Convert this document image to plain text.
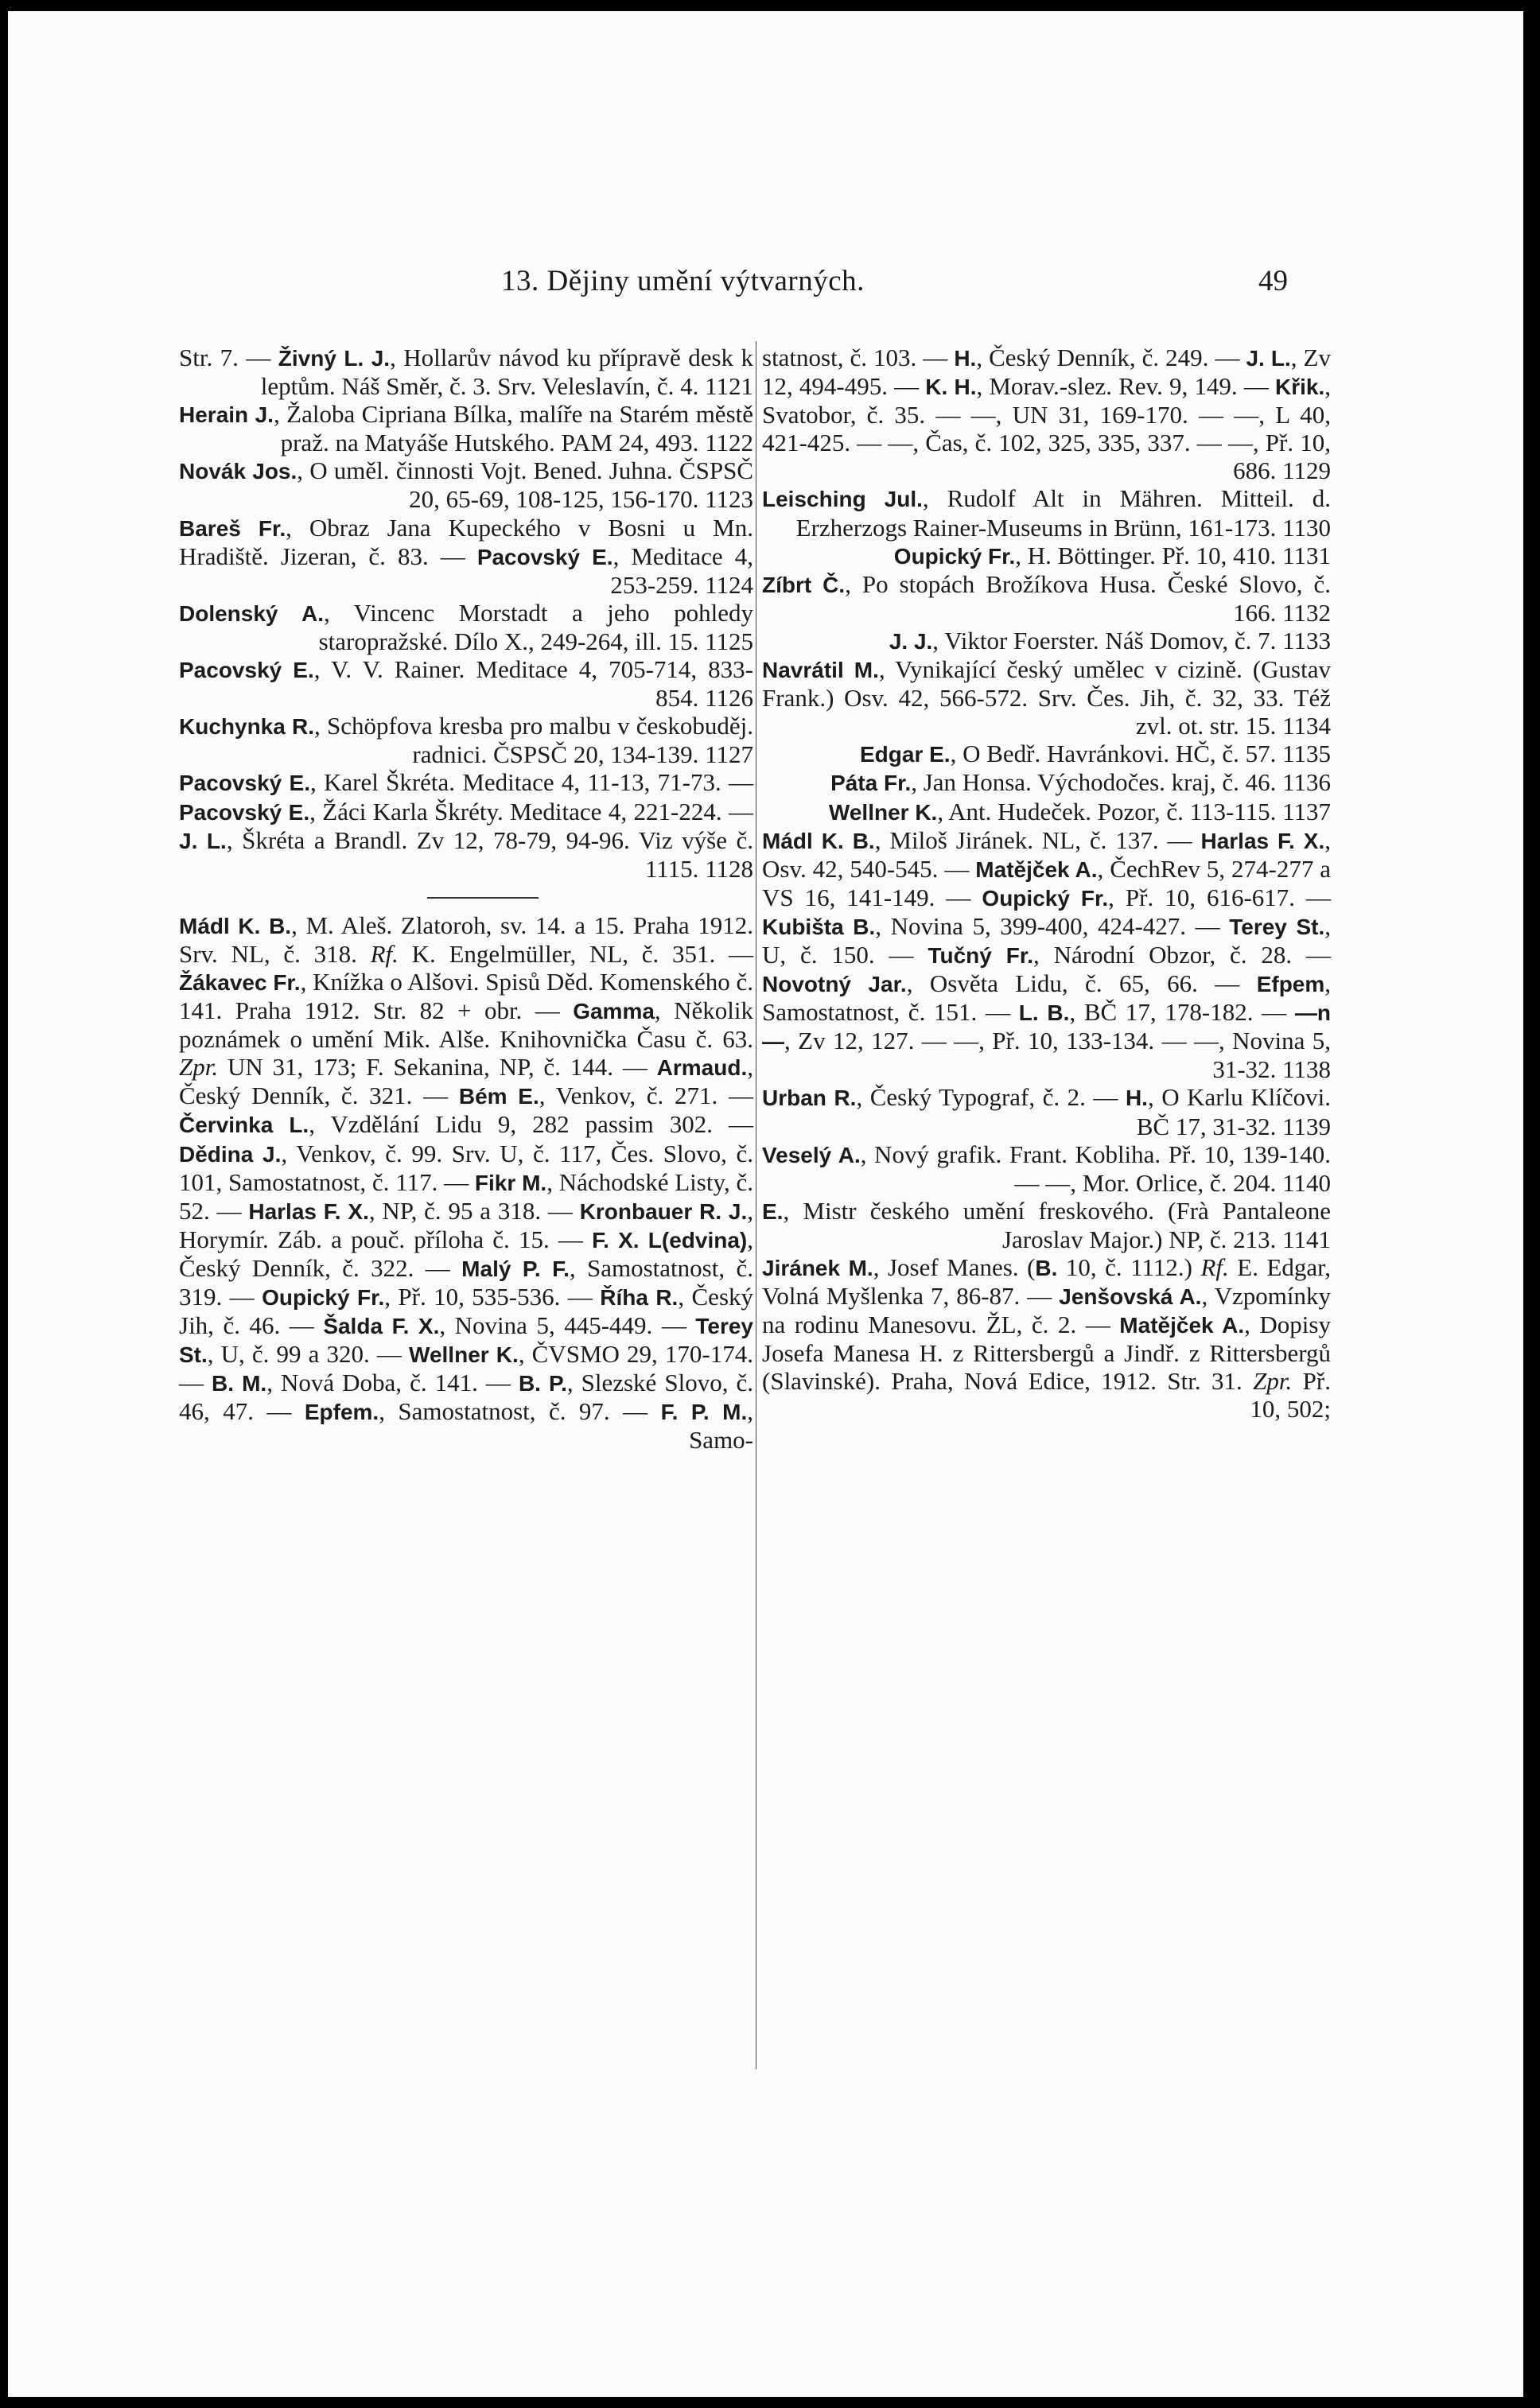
13. Dějiny umění výtvarných.	49
Str. 7. — Živný L. J., Hollarův návod ku přípravě desk k leptům. Náš Směr, č. 3. Srv. Veleslavín, č. 4. 1121
Herain J., Žaloba Cipriana Bílka, malíře na Starém městě praž. na Matyáše Hutského. PAM 24, 493. 1122
Novák Jos., O uměl. činnosti Vojt. Bened. Juhna. ČSPSČ 20, 65-69, 108-125, 156-170. 1123
Bareš Fr., Obraz Jana Kupeckého v Bosni u Mn. Hradiště. Jizeran, č. 83. — Pacovský E., Meditace 4, 253-259. 1124
Dolenský A., Vincenc Morstadt a jeho pohledy staropražské. Dílo X., 249-264, ill. 15. 1125
Pacovský E., V. V. Rainer. Meditace 4, 705-714, 833-854. 1126
Kuchynka R., Schöpfova kresba pro malbu v českobuděj. radnici. ČSPSČ 20, 134-139. 1127
Pacovský E., Karel Škréta. Meditace 4, 11-13, 71-73. — Pacovský E., Žáci Karla Škréty. Meditace 4, 221-224. — J. L., Škréta a Brandl. Zv 12, 78-79, 94-96. Viz výše č. 1115. 1128
Mádl K. B., M. Aleš. Zlatoroh, sv. 14. a 15. Praha 1912. Srv. NL, č. 318. Rf. K. Engelmüller, NL, č. 351. — Žákavec Fr., Knížka o Alšovi. Spisů Děd. Komenského č. 141. Praha 1912. Str. 82 + obr. — Gamma, Několik poznámek o umění Mik. Alše. Knihovnička Času č. 63. Zpr. UN 31, 173; F. Sekanina, NP, č. 144. — Armaud., Český Denník, č. 321. — Bém E., Venkov, č. 271. — Červinka L., Vzdělání Lidu 9, 282 passim 302. — Dědina J., Venkov, č. 99. Srv. U, č. 117, Čes. Slovo, č. 101, Samostatnost, č. 117. — Fikr M., Náchodské Listy, č. 52. — Harlas F. X., NP, č. 95 a 318. — Kronbauer R. J., Horymír. Záb. a pouč. příloha č. 15. — F. X. L(edvina), Český Denník, č. 322. — Malý P. F., Samostatnost, č. 319. — Oupický Fr., Př. 10, 535-536. — Říha R., Český Jih, č. 46. — Šalda F. X., Novina 5, 445-449. — Terey St., U, č. 99 a 320. — Wellner K., ČVSMO 29, 170-174. — B. M., Nová Doba, č. 141. — B. P., Slezské Slovo, č. 46, 47. — Epfem., Samostatnost, č. 97. — F. P. M., Samo-
statnost, č. 103. — H., Český Denník, č. 249. — J. L., Zv 12, 494-495. — K. H., Morav.-slez. Rev. 9, 149. — Křik., Svatobor, č. 35. — —, UN 31, 169-170. — —, L 40, 421-425. — —, Čas, č. 102, 325, 335, 337. — —, Př. 10, 686. 1129
Leisching Jul., Rudolf Alt in Mähren. Mitteil. d. Erzherzogs Rainer-Museums in Brünn, 161-173. 1130
Oupický Fr., H. Böttinger. Př. 10, 410. 1131
Zíbrt Č., Po stopách Brožíkova Husa. České Slovo, č. 166. 1132
J. J., Viktor Foerster. Náš Domov, č. 7. 1133
Navrátil M., Vynikající český umělec v cizině. (Gustav Frank.) Osv. 42, 566-572. Srv. Čes. Jih, č. 32, 33. Též zvl. ot. str. 15. 1134
Edgar E., O Bedř. Havránkovi. HČ, č. 57. 1135
Páta Fr., Jan Honsa. Východočes. kraj, č. 46. 1136
Wellner K., Ant. Hudeček. Pozor, č. 113-115. 1137
Mádl K. B., Miloš Jiránek. NL, č. 137. — Harlas F. X., Osv. 42, 540-545. — Matějček A., ČechRev 5, 274-277 a VS 16, 141-149. — Oupický Fr., Př. 10, 616-617. — Kubišta B., Novina 5, 399-400, 424-427. — Terey St., U, č. 150. — Tučný Fr., Národní Obzor, č. 28. — Novotný Jar., Osvěta Lidu, č. 65, 66. — Efpem, Samostatnost, č. 151. — L. B., BČ 17, 178-182. — —n—, Zv 12, 127. — —, Př. 10, 133-134. — —, Novina 5, 31-32. 1138
Urban R., Český Typograf, č. 2. — H., O Karlu Klíčovi. BČ 17, 31-32. 1139
Veselý A., Nový grafik. Frant. Kobliha. Př. 10, 139-140. — —, Mor. Orlice, č. 204. 1140
E., Mistr českého umění freskového. (Frà Pantaleone Jaroslav Major.) NP, č. 213. 1141
Jiránek M., Josef Manes. (B. 10, č. 1112.) Rf. E. Edgar, Volná Myšlenka 7, 86-87. — Jenšovská A., Vzpomínky na rodinu Manesovu. ŽL, č. 2. — Matějček A., Dopisy Josefa Manesa H. z Rittersbergů a Jindř. z Rittersbergů (Slavinské). Praha, Nová Edice, 1912. Str. 31. Zpr. Př. 10, 502;
